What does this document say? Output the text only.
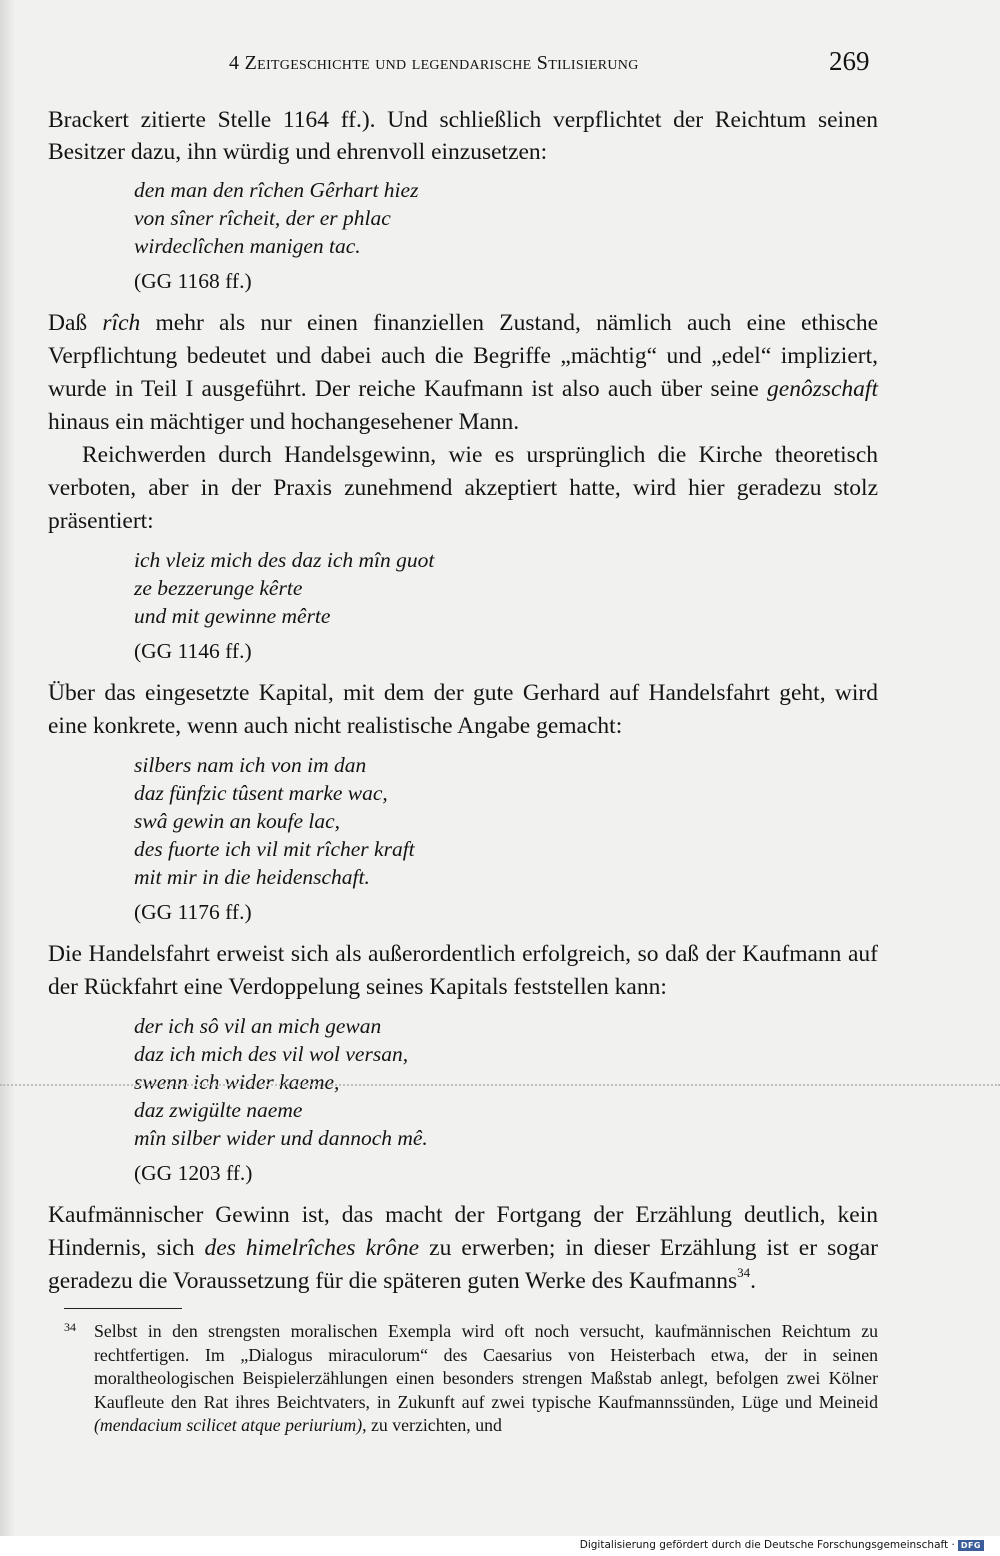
4 Zeitgeschichte und legendarische Stilisierung	269

Brackert zitierte Stelle 1164 ff.). Und schließlich verpflichtet der Reichtum seinen Besitzer dazu, ihn würdig und ehrenvoll einzusetzen:

den man den rîchen Gêrhart hiez
von sîner rîcheit, der er phlac
wirdeclîchen manigen tac.
(GG 1168 ff.)

Daß rîch mehr als nur einen finanziellen Zustand, nämlich auch eine ethische Verpflichtung bedeutet und dabei auch die Begriffe „mächtig“ und „edel“ impliziert, wurde in Teil I ausgeführt. Der reiche Kaufmann ist also auch über seine genôzschaft hinaus ein mächtiger und hochangesehener Mann.

Reichwerden durch Handelsgewinn, wie es ursprünglich die Kirche theoretisch verboten, aber in der Praxis zunehmend akzeptiert hatte, wird hier geradezu stolz präsentiert:

ich vleiz mich des daz ich mîn guot
ze bezzerunge kêrte
und mit gewinne mêrte
(GG 1146 ff.)

Über das eingesetzte Kapital, mit dem der gute Gerhard auf Handelsfahrt geht, wird eine konkrete, wenn auch nicht realistische Angabe gemacht:

silbers nam ich von im dan
daz fünfzic tûsent marke wac,
swâ gewin an koufe lac,
des fuorte ich vil mit rîcher kraft
mit mir in die heidenschaft.
(GG 1176 ff.)

Die Handelsfahrt erweist sich als außerordentlich erfolgreich, so daß der Kaufmann auf der Rückfahrt eine Verdoppelung seines Kapitals feststellen kann:

der ich sô vil an mich gewan
daz ich mich des vil wol versan,
swenn ich wider kaeme,
daz zwigülte naeme
mîn silber wider und dannoch mê.
(GG 1203 ff.)

Kaufmännischer Gewinn ist, das macht der Fortgang der Erzählung deutlich, kein Hindernis, sich des himelrîches krône zu erwerben; in dieser Erzählung ist er sogar geradezu die Voraussetzung für die späteren guten Werke des Kaufmanns$^{34}$.

34	Selbst in den strengsten moralischen Exempla wird oft noch versucht, kaufmännischen Reichtum zu rechtfertigen. Im „Dialogus miraculorum“ des Caesarius von Heisterbach etwa, der in seinen moraltheologischen Beispielerzählungen einen besonders strengen Maßstab anlegt, befolgen zwei Kölner Kaufleute den Rat ihres Beichtvaters, in Zukunft auf zwei typische Kaufmannssünden, Lüge und Meineid (mendacium scilicet atque periurium), zu verzichten, und
Digitalisierung gefördert durch die Deutsche Forschungsgemeinschaft · DFG
